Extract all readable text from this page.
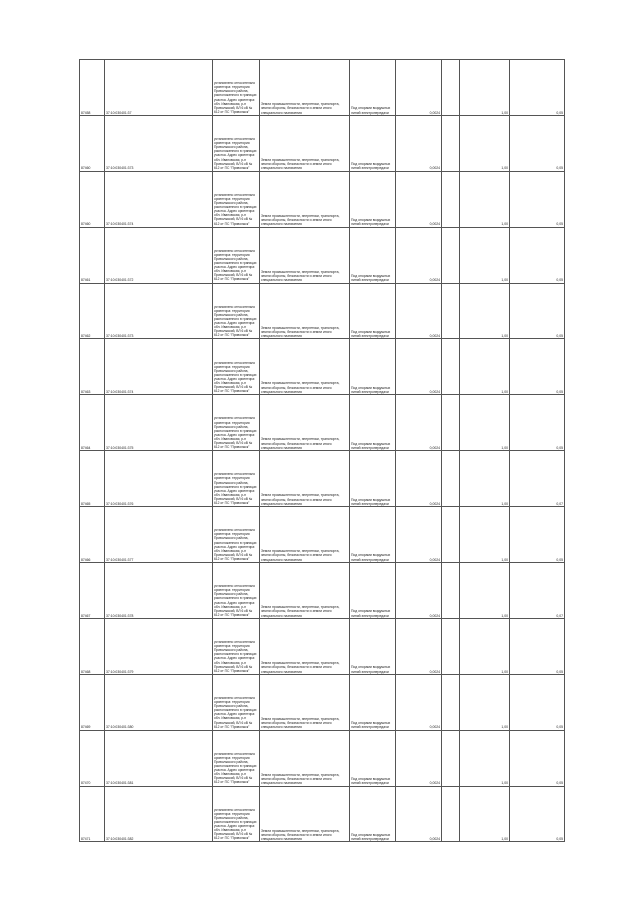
87458	37:10:030401:37	установлено относительно ориентира: территория Приволжского района, расположенного в границах участка. Адрес ориентира: обл. Ивановская, р-н Приволжский, ВЛ 6 кВ № 612 от ПС "Приволжск"	Земли промышленности, энергетики, транспорта, земли обороны, безопасности и земли иного специального назначения	Под опорами воздушных линий электропередачи	0,0024		1,00	0,05
87460	37:10:030401:373	установлено относительно ориентира: территория Приволжского района, расположенного в границах участка. Адрес ориентира: обл. Ивановская, р-н Приволжский, ВЛ 6 кВ № 612 от ПС "Приволжск"	Земли промышленности, энергетики, транспорта, земли обороны, безопасности и земли иного специального назначения	Под опорами воздушных линий электропередачи	0,0024		1,00	0,05
87460	37:10:030401:374	установлено относительно ориентира: территория Приволжского района, расположенного в границах участка. Адрес ориентира: обл. Ивановская, р-н Приволжский, ВЛ 6 кВ № 612 от ПС "Приволжск"	Земли промышленности, энергетики, транспорта, земли обороны, безопасности и земли иного специального назначения	Под опорами воздушных линий электропередачи	0,0024		1,00	0,05
87461	37:10:030401:372	установлено относительно ориентира: территория Приволжского района, расположенного в границах участка. Адрес ориентира: обл. Ивановская, р-н Приволжский, ВЛ 6 кВ № 612 от ПС "Приволжск"	Земли промышленности, энергетики, транспорта, земли обороны, безопасности и земли иного специального назначения	Под опорами воздушных линий электропередачи	0,0024		1,00	0,05
87462	37:10:030401:373	установлено относительно ориентира: территория Приволжского района, расположенного в границах участка. Адрес ориентира: обл. Ивановская, р-н Приволжский, ВЛ 6 кВ № 612 от ПС "Приволжск"	Земли промышленности, энергетики, транспорта, земли обороны, безопасности и земли иного специального назначения	Под опорами воздушных линий электропередачи	0,0024		1,00	0,05
87463	37:10:030401:374	установлено относительно ориентира: территория Приволжского района, расположенного в границах участка. Адрес ориентира: обл. Ивановская, р-н Приволжский, ВЛ 6 кВ № 612 от ПС "Приволжск"	Земли промышленности, энергетики, транспорта, земли обороны, безопасности и земли иного специального назначения	Под опорами воздушных линий электропередачи	0,0024		1,00	0,05
87464	37:10:030401:375	установлено относительно ориентира: территория Приволжского района, расположенного в границах участка. Адрес ориентира: обл. Ивановская, р-н Приволжский, ВЛ 6 кВ № 612 от ПС "Приволжск"	Земли промышленности, энергетики, транспорта, земли обороны, безопасности и земли иного специального назначения	Под опорами воздушных линий электропередачи	0,0024		1,00	0,05
87465	37:10:030401:376	установлено относительно ориентира: территория Приволжского района, расположенного в границах участка. Адрес ориентира: обл. Ивановская, р-н Приволжский, ВЛ 6 кВ № 612 от ПС "Приволжск"	Земли промышленности, энергетики, транспорта, земли обороны, безопасности и земли иного специального назначения	Под опорами воздушных линий электропередачи	0,0024		1,00	0,07
87466	37:10:030401:377	установлено относительно ориентира: территория Приволжского района, расположенного в границах участка. Адрес ориентира: обл. Ивановская, р-н Приволжский, ВЛ 6 кВ № 612 от ПС "Приволжск"	Земли промышленности, энергетики, транспорта, земли обороны, безопасности и земли иного специального назначения	Под опорами воздушных линий электропередачи	0,0024		1,00	0,05
87467	37:10:030401:378	установлено относительно ориентира: территория Приволжского района, расположенного в границах участка. Адрес ориентира: обл. Ивановская, р-н Приволжский, ВЛ 6 кВ № 612 от ПС "Приволжск"	Земли промышленности, энергетики, транспорта, земли обороны, безопасности и земли иного специального назначения	Под опорами воздушных линий электропередачи	0,0024		1,00	0,07
87468	37:10:030401:379	установлено относительно ориентира: территория Приволжского района, расположенного в границах участка. Адрес ориентира: обл. Ивановская, р-н Приволжский, ВЛ 6 кВ № 612 от ПС "Приволжск"	Земли промышленности, энергетики, транспорта, земли обороны, безопасности и земли иного специального назначения	Под опорами воздушных линий электропередачи	0,0024		1,00	0,05
87469	37:10:030401:380	установлено относительно ориентира: территория Приволжского района, расположенного в границах участка. Адрес ориентира: обл. Ивановская, р-н Приволжский, ВЛ 6 кВ № 612 от ПС "Приволжск"	Земли промышленности, энергетики, транспорта, земли обороны, безопасности и земли иного специального назначения	Под опорами воздушных линий электропередачи	0,0024		1,00	0,05
87470	37:10:030401:381	установлено относительно ориентира: территория Приволжского района, расположенного в границах участка. Адрес ориентира: обл. Ивановская, р-н Приволжский, ВЛ 6 кВ № 612 от ПС "Приволжск"	Земли промышленности, энергетики, транспорта, земли обороны, безопасности и земли иного специального назначения	Под опорами воздушных линий электропередачи	0,0024		1,00	0,05
87471	37:10:030401:382	установлено относительно ориентира: территория Приволжского района, расположенного в границах участка. Адрес ориентира: обл. Ивановская, р-н Приволжский, ВЛ 6 кВ № 612 от ПС "Приволжск"	Земли промышленности, энергетики, транспорта, земли обороны, безопасности и земли иного специального назначения	Под опорами воздушных линий электропередачи	0,0024		1,00	0,05
